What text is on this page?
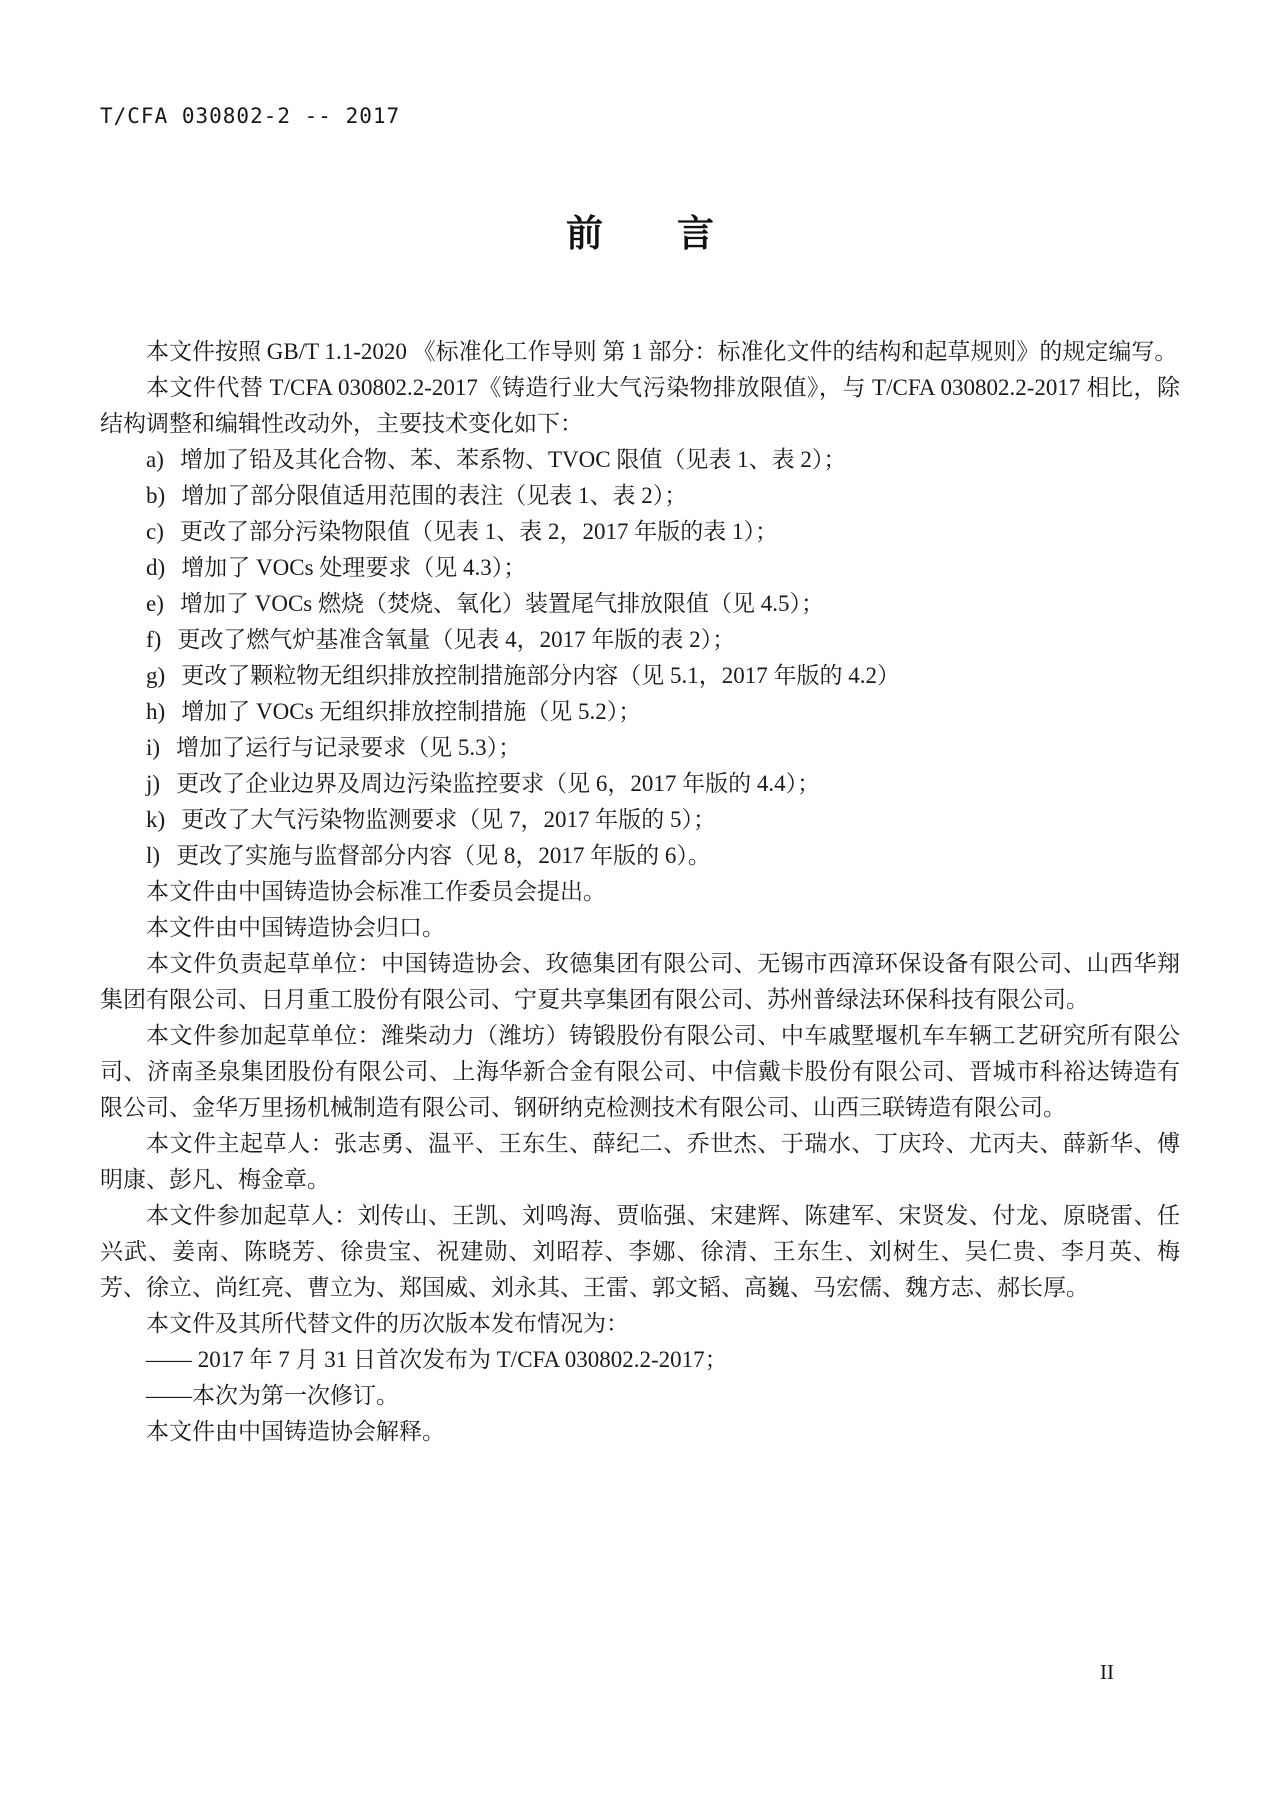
T/CFA 030802-2 -- 2017
前　　言

本文件按照 GB/T 1.1-2020 《标准化工作导则 第 1 部分：标准化文件的结构和起草规则》的规定编写。

本文件代替 T/CFA 030802.2-2017《铸造行业大气污染物排放限值》，与 T/CFA 030802.2-2017 相比，除结构调整和编辑性改动外，主要技术变化如下：

a) 增加了铅及其化合物、苯、苯系物、TVOC 限值（见表 1、表 2）；

b) 增加了部分限值适用范围的表注（见表 1、表 2）；

c) 更改了部分污染物限值（见表 1、表 2，2017 年版的表 1）；

d) 增加了 VOCs 处理要求（见 4.3）；

e) 增加了 VOCs 燃烧（焚烧、氧化）装置尾气排放限值（见 4.5）；

f) 更改了燃气炉基准含氧量（见表 4，2017 年版的表 2）；

g) 更改了颗粒物无组织排放控制措施部分内容（见 5.1，2017 年版的 4.2）

h) 增加了 VOCs 无组织排放控制措施（见 5.2）；

i) 增加了运行与记录要求（见 5.3）；

j) 更改了企业边界及周边污染监控要求（见 6，2017 年版的 4.4）；

k) 更改了大气污染物监测要求（见 7，2017 年版的 5）；

l) 更改了实施与监督部分内容（见 8，2017 年版的 6）。

本文件由中国铸造协会标准工作委员会提出。

本文件由中国铸造协会归口。

本文件负责起草单位：中国铸造协会、玫德集团有限公司、无锡市西漳环保设备有限公司、山西华翔集团有限公司、日月重工股份有限公司、宁夏共享集团有限公司、苏州普绿法环保科技有限公司。

本文件参加起草单位：潍柴动力（潍坊）铸锻股份有限公司、中车戚墅堰机车车辆工艺研究所有限公司、济南圣泉集团股份有限公司、上海华新合金有限公司、中信戴卡股份有限公司、晋城市科裕达铸造有限公司、金华万里扬机械制造有限公司、钢研纳克检测技术有限公司、山西三联铸造有限公司。

本文件主起草人：张志勇、温平、王东生、薛纪二、乔世杰、于瑞水、丁庆玲、尤丙夫、薛新华、傅明康、彭凡、梅金章。

本文件参加起草人：刘传山、王凯、刘鸣海、贾临强、宋建辉、陈建军、宋贤发、付龙、原晓雷、任兴武、姜南、陈晓芳、徐贵宝、祝建勋、刘昭荐、李娜、徐清、王东生、刘树生、吴仁贵、李月英、梅芳、徐立、尚红亮、曹立为、郑国威、刘永其、王雷、郭文韬、高巍、马宏儒、魏方志、郝长厚。

本文件及其所代替文件的历次版本发布情况为：

—— 2017 年 7 月 31 日首次发布为 T/CFA 030802.2-2017；

——本次为第一次修订。

本文件由中国铸造协会解释。

II
